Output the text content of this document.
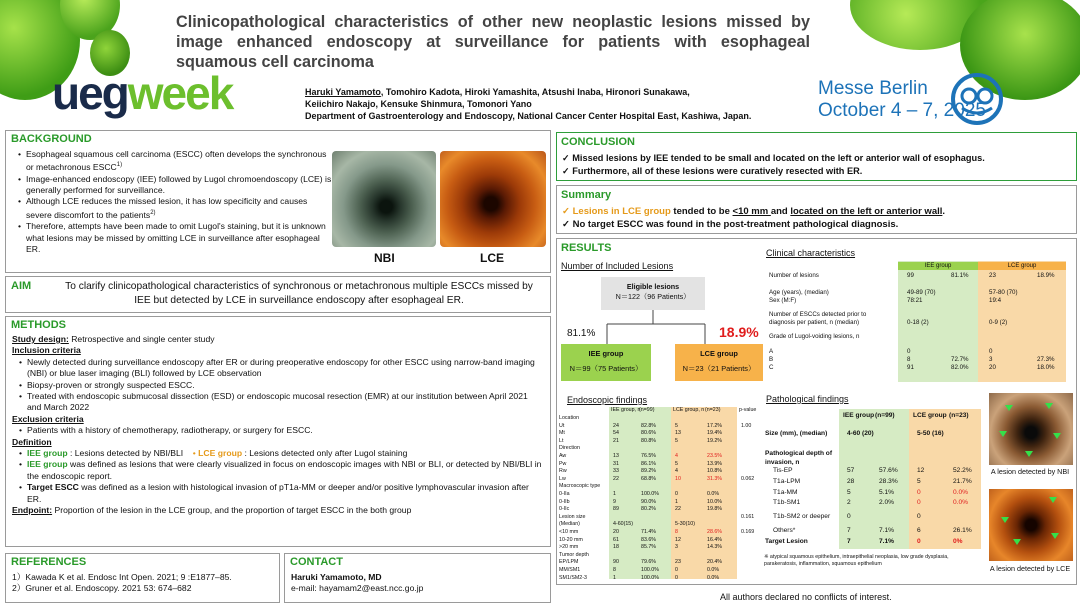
Clinicopathological characteristics of other new neoplastic lesions missed by image enhanced endoscopy at surveillance for patients with esophageal squamous cell carcinoma
uegweek	Haruki Yamamoto, Tomohiro Kadota, Hiroki Yamashita, Atsushi Inaba, Hironori Sunakawa,
Keiichiro Nakajo, Kensuke Shinmura, Tomonori Yano
Department of Gastroenterology and Endoscopy, National Cancer Center Hospital East, Kashiwa, Japan.
Messe Berlin
October 4 – 7, 2025
BACKGROUND
• Esophageal squamous cell carcinoma (ESCC) often develops the synchronous or metachronous ESCC$^{1)}$
• Image-enhanced endoscopy (IEE) followed by Lugol chromoendoscopy (LCE) is generally performed for surveillance.
• Although LCE reduces the missed lesion, it has low specificity and causes severe discomfort to the patients$^{2)}$
• Therefore, attempts have been made to omit Lugol's staining, but it is unknown what lesions may be missed by omitting LCE in surveillance after esophageal ER.
NBI	LCE
AIM	To clarify clinicopathological characteristics of synchronous or metachronous multiple ESCCs missed by IEE but detected by LCE in surveillance endoscopy after esophageal ER.
METHODS
Study design: Retrospective and single center study
Inclusion criteria
• Newly detected during surveillance endoscopy after ER or during preoperative endoscopy for other ESCC using narrow-band imaging (NBI) or blue laser imaging (BLI) followed by LCE observation
• Biopsy-proven or strongly suspected ESCC.
• Treated with endoscopic submucosal dissection (ESD) or endoscopic mucosal resection (EMR) at our institution between April 2021 and March 2022
Exclusion criteria
• Patients with a history of chemotherapy, radiotherapy, or surgery for ESCC.
Definition
• IEE group : Lesions detected by NBI/BLI • LCE group : Lesions detected only after Lugol staining
• IEE group was defined as lesions that were clearly visualized in focus on endoscopic images with NBI or BLI, or detected by NBI/BLI in the endoscopic report.
• Target ESCC was defined as a lesion with histological invasion of pT1a-MM or deeper and/or positive lymphovascular invasion after ER.
Endpoint: Proportion of the lesion in the LCE group, and the proportion of target ESCC in the both group
REFERENCES
1）Kawada K et al. Endosc Int Open. 2021; 9 :E1877–85.
2）Gruner et al. Endoscopy. 2021 53: 674–682
CONTACT
Haruki Yamamoto, MD
e-mail: hayamam2@east.ncc.go.jp
CONCLUSION
✓ Missed lesions by IEE tended to be small and located on the left or anterior wall of esophagus.
✓ Furthermore, all of these lesions were curatively resected with ER.
Summary
✓ Lesions in LCE group tended to be <10 mm and located on the left or anterior wall.
✓ No target ESCC was found in the post-treatment pathological diagnosis.
RESULTS
Number of Included Lesions
Eligible lesions
N＝122（96 Patients）
81.1%	18.9%
IEE group
N＝99（75 Patients）
LCE group
N＝23（21 Patients）
Clinical characteristics
IEE group	LCE group
Number of lesions	99	81.1%	23	18.9%
Age (years), (median)	49-89 (70)	57-80 (70)
Sex (M:F)	78:21	19:4
Number of ESCCs detected prior to
diagnosis per patient, n (median)	0-18 (2)	0-9 (2)
Grade of Lugol-voiding lesions, n
A	0	0
B	8	72.7%	3	27.3%
C	91	82.0%	20	18.0%
Endoscopic findings
IEE group, n
(n=99)	LCE group, n (n=23)	p-value
Location
Ut	24	82.8%	5	17.2%	1.00
Mt	54	80.6%	13	19.4%
Lt	21	80.8%	5	19.2%
Direction
Aw	13	76.5%	4	23.5%
Pw	31	86.1%	5	13.9%
Rw	33	89.2%	4	10.8%
Lw	22	68.8%	10	31.3%	0.062
Macroscopic type
0-IIa	1	100.0%	0	0.0%
0-IIb	9	90.0%	1	10.0%
0-IIc	89	80.2%	22	19.8%
Lesion size	0.161
(Median)	4-60(15)	5-30(10)
<10 mm	20	71.4%	8	28.6%	0.169
10-20 mm	61	83.6%	12	16.4%
>20 mm	18	85.7%	3	14.3%
Tumor depth
EP/LPM	90	79.6%	23	20.4%
MM/SM1	8	100.0%	0	0.0%
SM1/SM2-3	1	100.0%	0	0.0%
Pathological findings
IEE group (n=99)	LCE group (n=23)
Size (mm), (median)	4-60 (20)	5-50 (16)
Pathological depth of invasion, n
Tis-EP	57	57.6%	12	52.2%
T1a-LPM	28	28.3%	5	21.7%
T1a-MM	5	5.1%	0	0.0%
T1b-SM1	2	2.0%	0	0.0%
T1b-SM2 or deeper	0	0
Others*	7	7.1%	6	26.1%
Target Lesion	7	7.1%	0	0%
※ atypical squamous epithelium, intraepithelial neoplasia, low grade dysplasia, parakeratosis, inflammation, squamous epithelium
A lesion detected by NBI
A lesion detected by LCE
All authors declared no conflicts of interest.
